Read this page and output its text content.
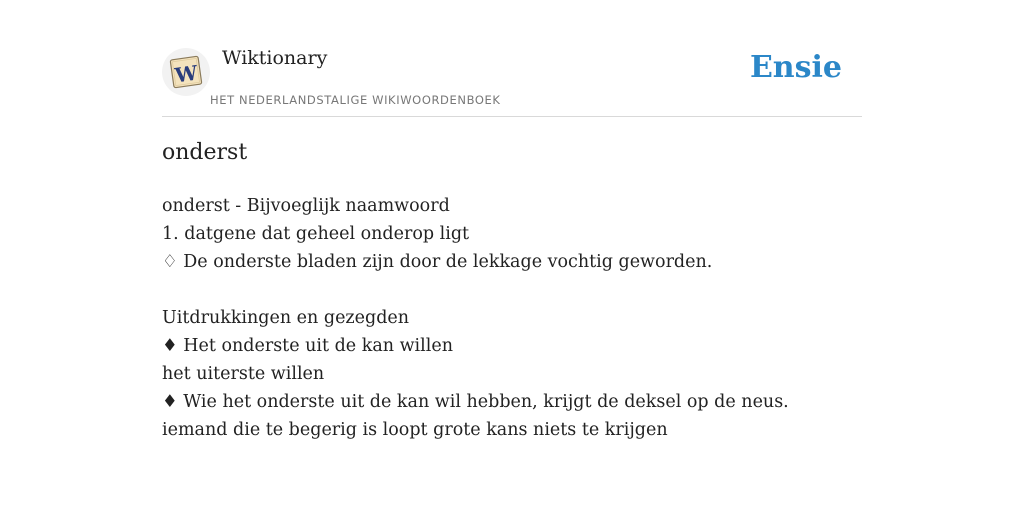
W
Wiktionary
HET NEDERLANDSTALIGE WIKIWOORDENBOEK
Ensie
onderst
onderst - Bijvoeglijk naamwoord
1. datgene dat geheel onderop ligt
♢ De onderste bladen zijn door de lekkage vochtig geworden.
Uitdrukkingen en gezegden
♦ Het onderste uit de kan willen
het uiterste willen
♦ Wie het onderste uit de kan wil hebben, krijgt de deksel op de neus.
iemand die te begerig is loopt grote kans niets te krijgen
